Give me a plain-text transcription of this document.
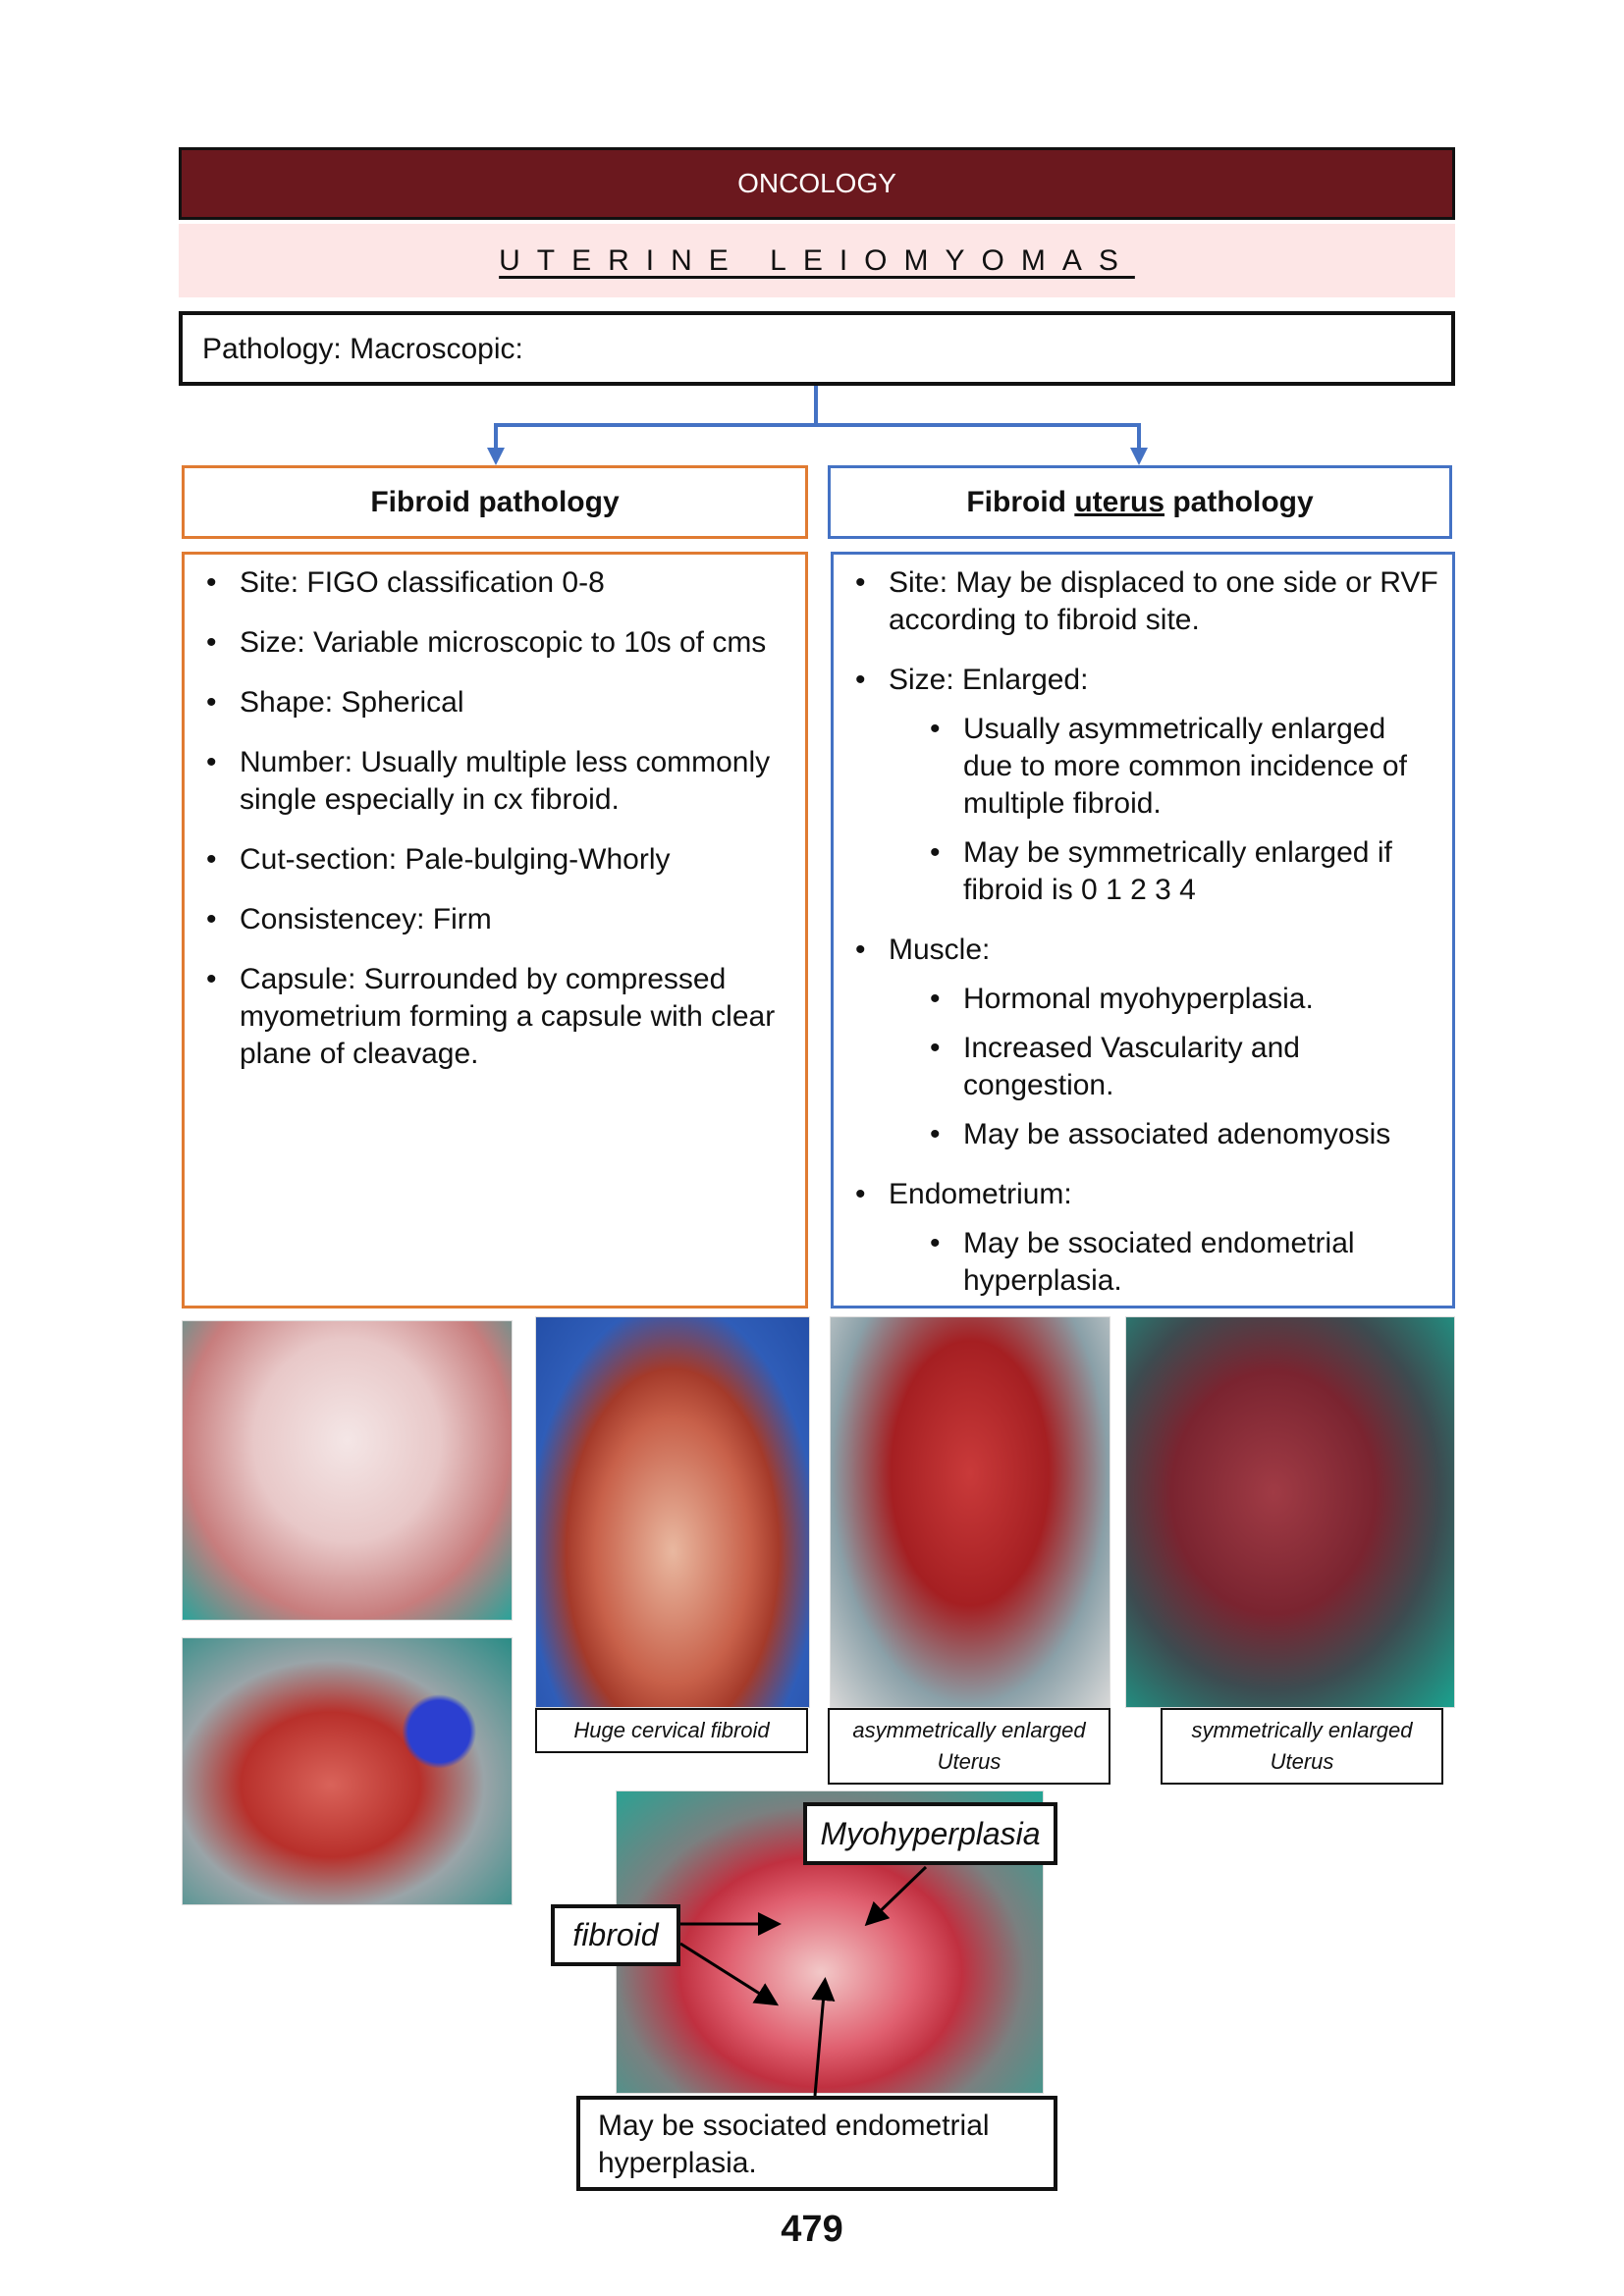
ONCOLOGY
UTERINE LEIOMYOMAS
Pathology: Macroscopic:
Fibroid pathology	Fibroid uterus pathology
• Site: FIGO classification 0-8
• Size: Variable microscopic to 10s of cms
• Shape: Spherical
• Number: Usually multiple less commonly single especially in cx fibroid.
• Cut-section: Pale-bulging-Whorly
• Consistencey: Firm
• Capsule: Surrounded by compressed myometrium forming a capsule with clear plane of cleavage.
• Site: May be displaced to one side or RVF according to fibroid site.
• Size: Enlarged:
• Usually asymmetrically enlarged due to more common incidence of multiple fibroid.
• May be symmetrically enlarged if fibroid is 0 1 2 3 4
• Muscle:
• Hormonal myohyperplasia.
• Increased Vascularity and congestion.
• May be associated adenomyosis
• Endometrium:
• May be ssociated endometrial hyperplasia.
Huge cervical fibroid	asymmetrically enlarged
Uterus
symmetrically enlarged
Uterus
Myohyperplasia
fibroid
May be ssociated endometrial hyperplasia.
479
